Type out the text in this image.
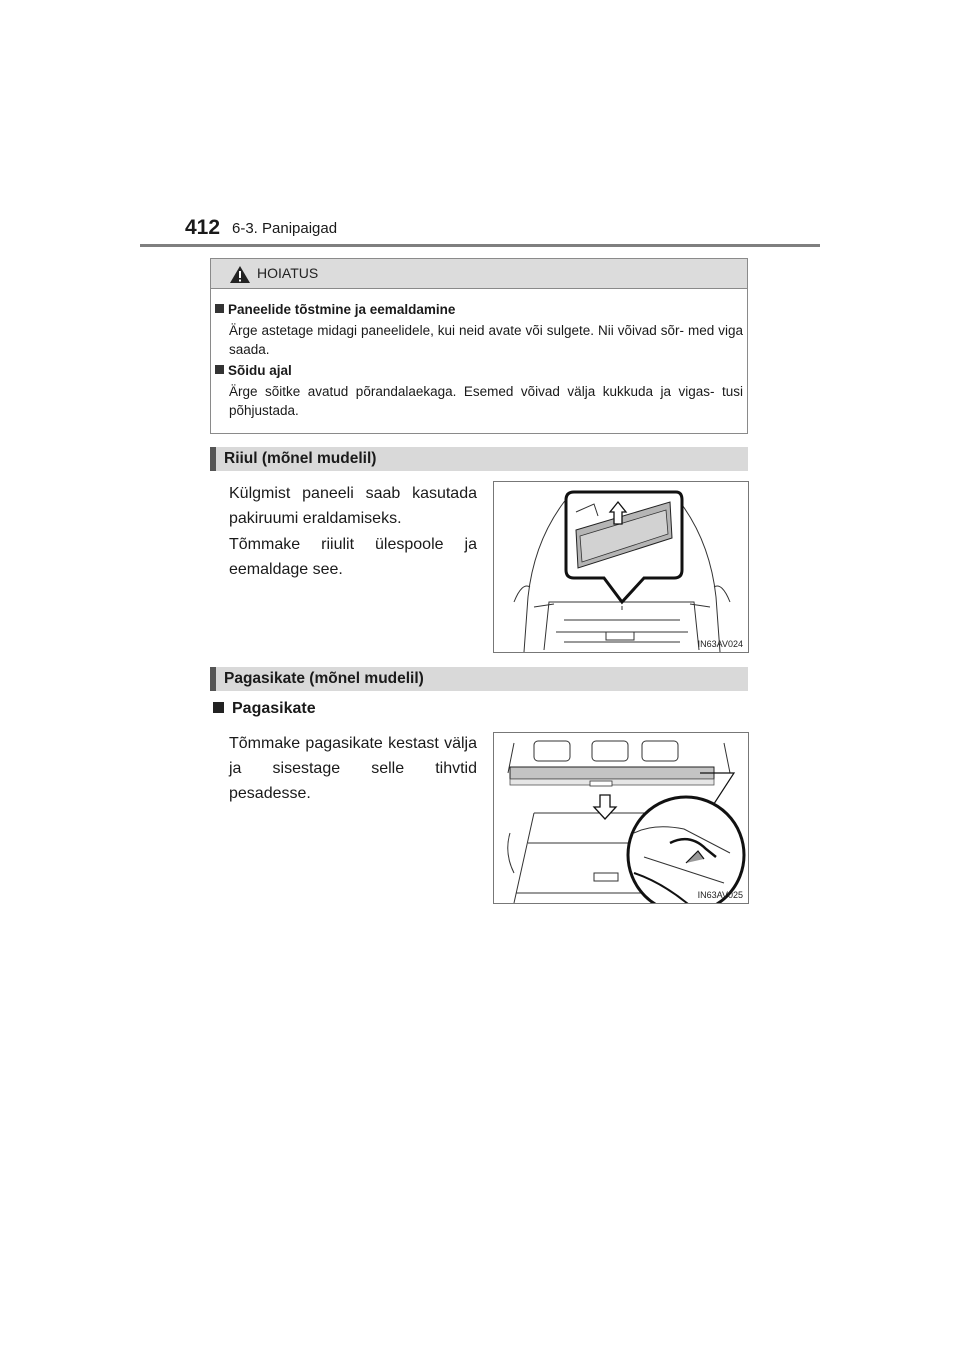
412 6-3. Panipaigad
HOIATUS
Paneelide tõstmine ja eemaldamine
Ärge astetage midagi paneelidele, kui neid avate või sulgete. Nii võivad sõr- med viga saada.
Sõidu ajal
Ärge sõitke avatud põrandalaekaga. Esemed võivad välja kukkuda ja vigas- tusi põhjustada.
Riiul (mõnel mudelil)
Külgmist paneeli saab kasutada pakiruumi eraldamiseks.
Tõmmake riiulit ülespoole ja eemaldage see.
IN63AV024
Pagasikate (mõnel mudelil)
Pagasikate
Tõmmake pagasikate kestast välja ja sisestage selle tihvtid pesadesse.
IN63AV025
